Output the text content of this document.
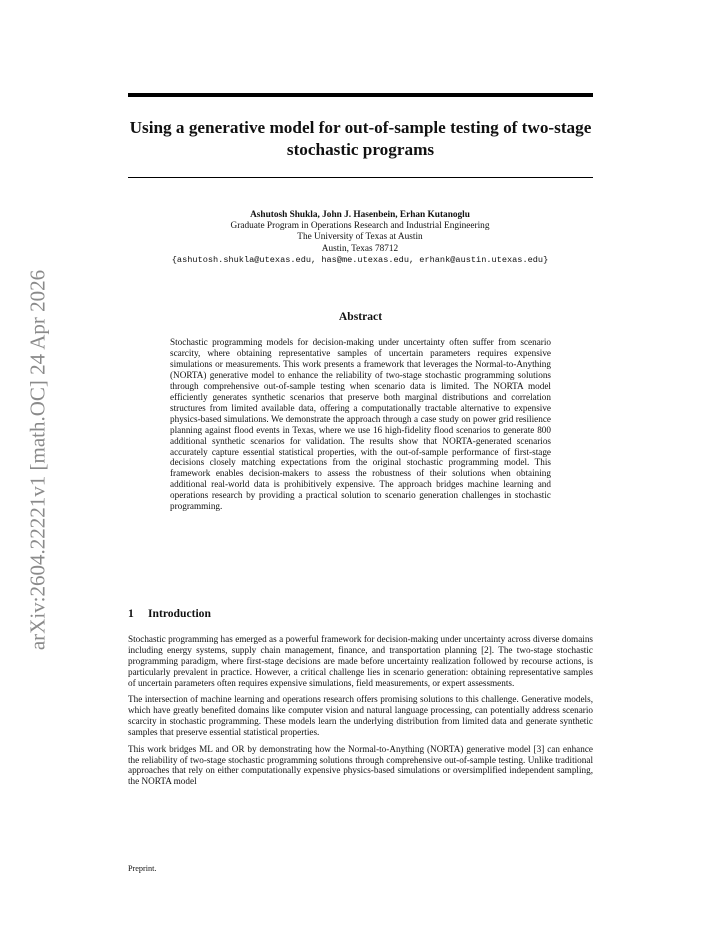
arXiv:2604.22221v1 [math.OC] 24 Apr 2026
Using a generative model for out-of-sample testing of two-stage stochastic programs
Ashutosh Shukla, John J. Hasenbein, Erhan Kutanoglu
Graduate Program in Operations Research and Industrial Engineering
The University of Texas at Austin
Austin, Texas 78712
{ashutosh.shukla@utexas.edu, has@me.utexas.edu, erhank@austin.utexas.edu}
Abstract

Stochastic programming models for decision-making under uncertainty often suffer from scenario scarcity, where obtaining representative samples of uncertain parameters requires expensive simulations or measurements. This work presents a framework that leverages the Normal-to-Anything (NORTA) generative model to enhance the reliability of two-stage stochastic programming solutions through comprehensive out-of-sample testing when scenario data is limited. The NORTA model efficiently generates synthetic scenarios that preserve both marginal distributions and correlation structures from limited available data, offering a computationally tractable alternative to expensive physics-based simulations. We demonstrate the approach through a case study on power grid resilience planning against flood events in Texas, where we use 16 high-fidelity flood scenarios to generate 800 additional synthetic scenarios for validation. The results show that NORTA-generated scenarios accurately capture essential statistical properties, with the out-of-sample performance of first-stage decisions closely matching expectations from the original stochastic programming model. This framework enables decision-makers to assess the robustness of their solutions when obtaining additional real-world data is prohibitively expensive. The approach bridges machine learning and operations research by providing a practical solution to scenario generation challenges in stochastic programming.

1 Introduction

Stochastic programming has emerged as a powerful framework for decision-making under uncertainty across diverse domains including energy systems, supply chain management, finance, and transportation planning [2]. The two-stage stochastic programming paradigm, where first-stage decisions are made before uncertainty realization followed by recourse actions, is particularly prevalent in practice. However, a critical challenge lies in scenario generation: obtaining representative samples of uncertain parameters often requires expensive simulations, field measurements, or expert assessments.

The intersection of machine learning and operations research offers promising solutions to this challenge. Generative models, which have greatly benefited domains like computer vision and natural language processing, can potentially address scenario scarcity in stochastic programming. These models learn the underlying distribution from limited data and generate synthetic samples that preserve essential statistical properties.

This work bridges ML and OR by demonstrating how the Normal-to-Anything (NORTA) generative model [3] can enhance the reliability of two-stage stochastic programming solutions through comprehensive out-of-sample testing. Unlike traditional approaches that rely on either computationally expensive physics-based simulations or oversimplified independent sampling, the NORTA model

Preprint.
